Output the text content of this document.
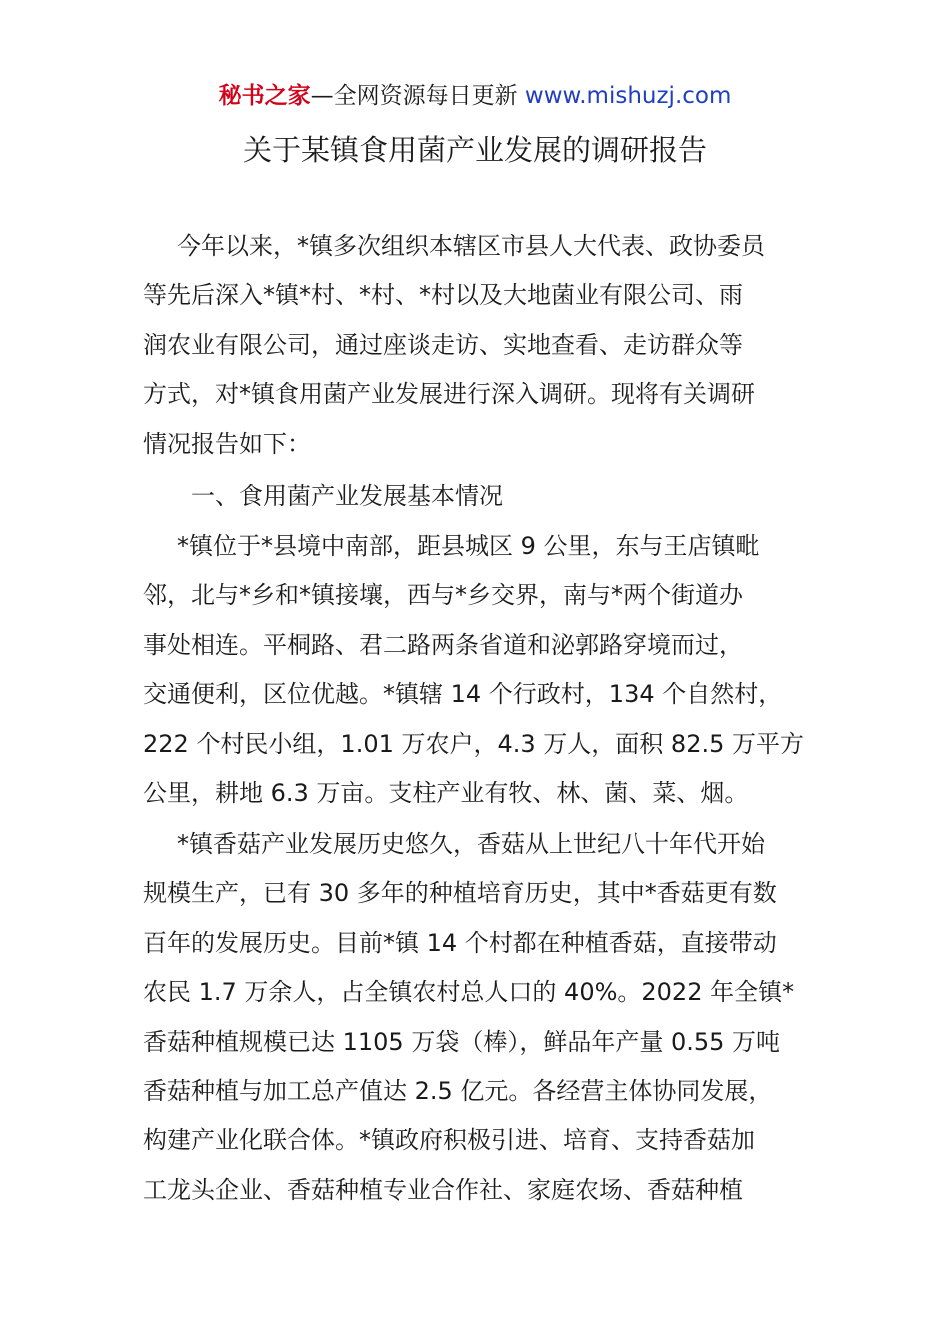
秘书之家—全网资源每日更新 www.mishuzj.com
关于某镇食用菌产业发展的调研报告
今年以来，*镇多次组织本辖区市县人大代表、政协委员
等先后深入*镇*村、*村、*村以及大地菌业有限公司、雨
润农业有限公司，通过座谈走访、实地查看、走访群众等
方式，对*镇食用菌产业发展进行深入调研。现将有关调研
情况报告如下：
一、食用菌产业发展基本情况
*镇位于*县境中南部，距县城区 9 公里，东与王店镇毗
邻，北与*乡和*镇接壤，西与*乡交界，南与*两个街道办
事处相连。平桐路、君二路两条省道和泌郭路穿境而过，
交通便利，区位优越。*镇辖 14 个行政村，134 个自然村，
222 个村民小组，1.01 万农户，4.3 万人，面积 82.5 万平方
公里，耕地 6.3 万亩。支柱产业有牧、林、菌、菜、烟。
*镇香菇产业发展历史悠久，香菇从上世纪八十年代开始
规模生产，已有 30 多年的种植培育历史，其中*香菇更有数
百年的发展历史。目前*镇 14 个村都在种植香菇，直接带动
农民 1.7 万余人，占全镇农村总人口的 40%。2022 年全镇*
香菇种植规模已达 1105 万袋（棒），鲜品年产量 0.55 万吨
香菇种植与加工总产值达 2.5 亿元。各经营主体协同发展，
构建产业化联合体。*镇政府积极引进、培育、支持香菇加
工龙头企业、香菇种植专业合作社、家庭农场、香菇种植
